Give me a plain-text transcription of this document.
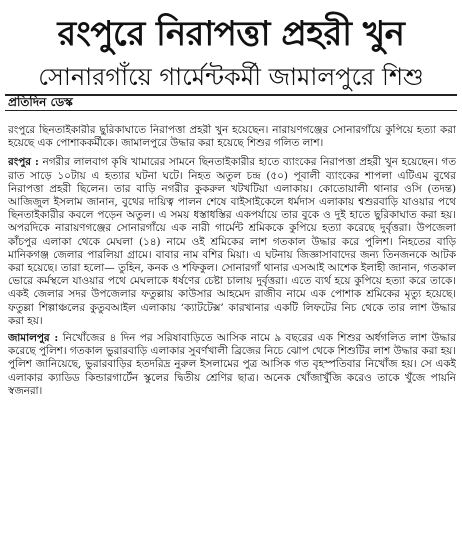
রংপুরে নিরাপত্তা প্রহরী খুন
সোনারগাঁয়ে গার্মেন্টকর্মী জামালপুরে শিশু
প্রতিদিন ডেস্ক

রংপুরে ছিনতাইকারীর ছুরিকাঘাতে নিরাপত্তা প্রহরী খুন হয়েছেন। নারায়ণগঞ্জের সোনারগাঁয়ে কুপিয়ে হত্যা করা হয়েছে এক পোশাককর্মীকে। জামালপুরে উদ্ধার করা হয়েছে শিশুর গলিত লাশ।

রংপুর : নগরীর লালবাগ কৃষি খামারের সামনে ছিনতাইকারীর হাতে ব্যাংকের নিরাপত্তা প্রহরী খুন হয়েছেন। গত রাত সাড়ে ১০টায় এ হত্যার ঘটনা ঘটে। নিহত অতুল চন্দ্র (৫০) পূবালী ব্যাংকের শাপলা এটিএম বুথের নিরাপত্তা প্রহরী ছিলেন। তার বাড়ি নগরীর কুকরুল খটখটিয়া এলাকায়। কোতোয়ালী থানার ওসি (তদন্ত) আজিজুল ইসলাম জানান, বুথের দায়িত্ব পালন শেষে বাইসাইকেলে ধর্মদাস এলাকায় শ্বশুরবাড়ি যাওয়ার পথে ছিনতাইকারীর কবলে পড়েন অতুল। এ সময় ধস্তাধস্তির একপর্যায়ে তার বুকে ও দুই হাতে ছুরিকাঘাত করা হয়। অপরদিকে নারায়ণগঞ্জের সোনারগাঁয়ে এক নারী গার্মেন্ট শ্রমিককে কুপিয়ে হত্যা করেছে দুর্বৃত্তরা। উপজেলা কাঁচপুর এলাকা থেকে মেঘলা (১৪) নামে ওই শ্রমিকের লাশ গতকাল উদ্ধার করে পুলিশ। নিহতের বাড়ি মানিকগঞ্জ জেলার পারলিয়া গ্রামে। বাবার নাম বশির মিয়া। এ ঘটনায় জিজ্ঞাসাবাদের জন্য তিনজনকে আটক করা হয়েছে। তারা হলো— তুহিন, কনক ও শফিকুল। সোনারগাঁ থানার এসআই আশেক ইলাহী জানান, গতকাল ভোরে কর্মস্থলে যাওয়ার পথে মেঘলাকে ধর্ষণের চেষ্টা চালায় দুর্বৃত্তরা। এতে ব্যর্থ হয়ে কুপিয়ে হত্যা করে তাকে। একই জেলার সদর উপজেলার ফতুল্লায় কাউসার আহমেদ রাজীব নামে এক পোশাক শ্রমিকের মৃত্যু হয়েছে। ফতুল্লা শিল্পাঞ্চলের কুতুবআইল এলাকায় ‘ক্যাটটেক্স’ কারখানার একটি লিফটের নিচ থেকে তার লাশ উদ্ধার করা হয়।

জামালপুর : নিখোঁজের ৪ দিন পর সরিষাবাড়িতে আসিক নামে ৯ বছরের এক শিশুর অর্ধগলিত লাশ উদ্ধার করেছে পুলিশ। গতকাল ভুরারবাড়ি এলাকার সুবর্ণখালী ব্রিজের নিচে ঝোপ থেকে শিশুটির লাশ উদ্ধার করা হয়। পুলিশ জানিয়েছে, ভুরারবাড়ির হতদরিদ্র নুরুল ইসলামের পুত্র আসিক গত বৃহস্পতিবার নিখোঁজ হয়। সে একই এলাকার ক্যাডিড কিন্ডারগার্টেন স্কুলের দ্বিতীয় শ্রেণির ছাত্র। অনেক খোঁজাখুঁজি করেও তাকে খুঁজে পায়নি স্বজনরা।
